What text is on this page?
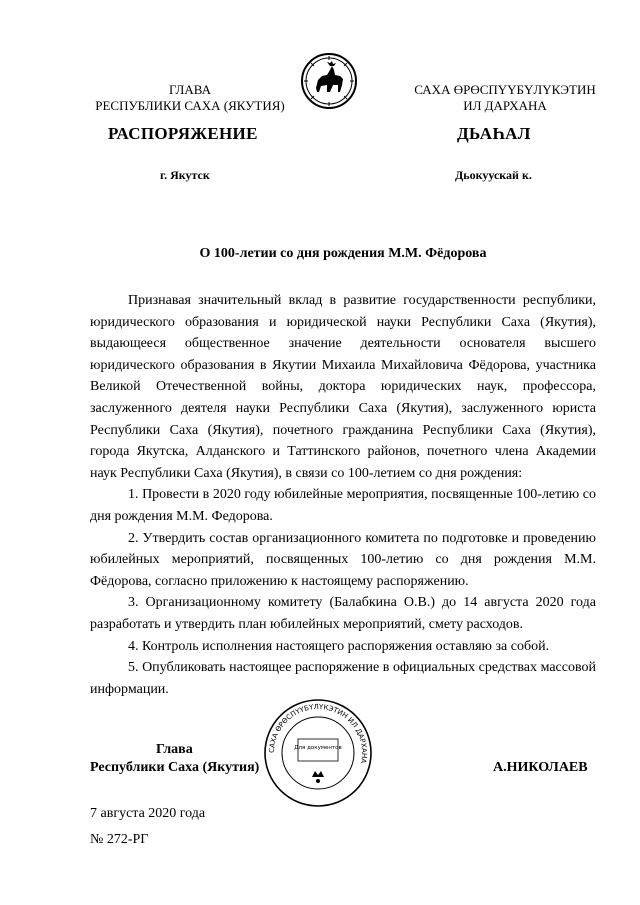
ГЛАВА
РЕСПУБЛИКИ САХА (ЯКУТИЯ)
САХА ӨРӨСПҮҮБҮЛҮКЭТИН
ИЛ ДАРХАНА
РАСПОРЯЖЕНИЕ	ДЬАҺАЛ
г. Якутск	Дьокуускай к.
О 100-летии со дня рождения М.М. Фёдорова

Признавая значительный вклад в развитие государственности республики, юридического образования и юридической науки Республики Саха (Якутия), выдающееся общественное значение деятельности основателя высшего юридического образования в Якутии Михаила Михайловича Фёдорова, участника Великой Отечественной войны, доктора юридических наук, профессора, заслуженного деятеля науки Республики Саха (Якутия), заслуженного юриста Республики Саха (Якутия), почетного гражданина Республики Саха (Якутия), города Якутска, Алданского и Таттинского районов, почетного члена Академии наук Республики Саха (Якутия), в связи со 100-летием со дня рождения:

1. Провести в 2020 году юбилейные мероприятия, посвященные 100-летию со дня рождения М.М. Федорова.

2. Утвердить состав организационного комитета по подготовке и проведению юбилейных мероприятий, посвященных 100-летию со дня рождения М.М. Фёдорова, согласно приложению к настоящему распоряжению.

3. Организационному комитету (Балабкина О.В.) до 14 августа 2020 года разработать и утвердить план юбилейных мероприятий, смету расходов.

4. Контроль исполнения настоящего распоряжения оставляю за собой.

5. Опубликовать настоящее распоряжение в официальных средствах массовой информации.

САХА ӨРӨСПҮҮБҮЛҮКЭТИН ИЛ ДАРХАНА
Для документов
Глава
Республики Саха (Якутия)	А.НИКОЛАЕВ
7 августа 2020 года
№ 272-РГ
